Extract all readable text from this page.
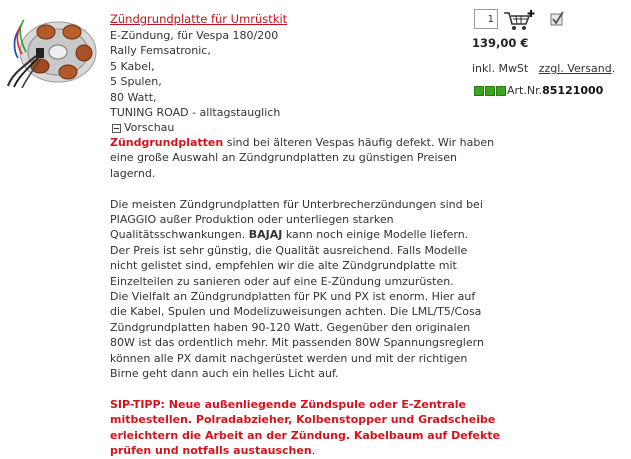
Zündgrundplatte für Umrüstkit
E-Zündung, für Vespa 180/200
Rally Femsatronic,
5 Kabel,
5 Spulen,
80 Watt,
TUNING ROAD - alltagstauglich
1
139,00 €
inkl. MwSt zzgl. Versand.
Art.Nr.85121000
Vorschau
Zündgrundplatten sind bei älteren Vespas häufig defekt. Wir haben
eine große Auswahl an Zündgrundplatten zu günstigen Preisen
lagernd.
Die meisten Zündgrundplatten für Unterbrecherzündungen sind bei
PIAGGIO außer Produktion oder unterliegen starken
Qualitätsschwankungen. BAJAJ kann noch einige Modelle liefern.
Der Preis ist sehr günstig, die Qualität ausreichend. Falls Modelle
nicht gelistet sind, empfehlen wir die alte Zündgrundplatte mit
Einzelteilen zu sanieren oder auf eine E-Zündung umzurüsten.
Die Vielfalt an Zündgrundplatten für PK und PX ist enorm. Hier auf
die Kabel, Spulen und Modelizuweisungen achten. Die LML/T5/Cosa
Zündgrundplatten haben 90-120 Watt. Gegenüber den originalen
80W ist das ordentlich mehr. Mit passenden 80W Spannungsreglern
können alle PX damit nachgerüstet werden und mit der richtigen
Birne geht dann auch ein helles Licht auf.
SIP-TIPP: Neue außenliegende Zündspule oder E-Zentrale
mitbestellen. Polradabzieher, Kolbenstopper und Gradscheibe
erleichtern die Arbeit an der Zündung. Kabelbaum auf Defekte
prüfen und notfalls austauschen.
